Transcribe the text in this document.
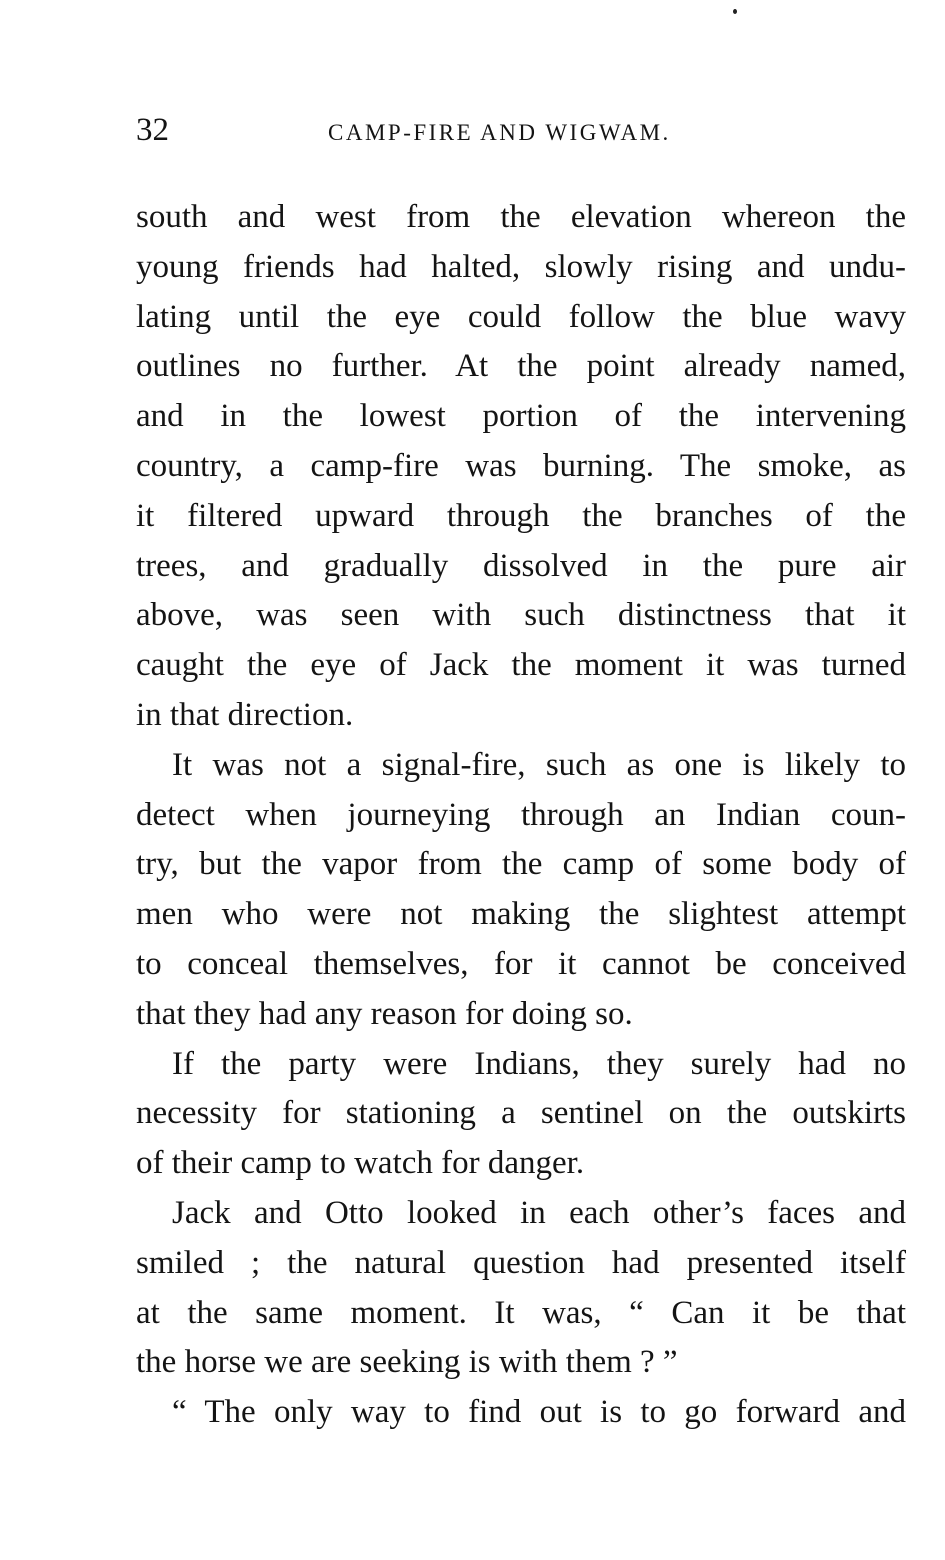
32	CAMP-FIRE AND WIGWAM.
south and west from the elevation whereon the
young friends had halted, slowly rising and undu-
lating until the eye could follow the blue wavy
outlines no further. At the point already named,
and in the lowest portion of the intervening
country, a camp-fire was burning. The smoke, as
it filtered upward through the branches of the
trees, and gradually dissolved in the pure air
above, was seen with such distinctness that it
caught the eye of Jack the moment it was turned
in that direction.
It was not a signal-fire, such as one is likely to
detect when journeying through an Indian coun-
try, but the vapor from the camp of some body of
men who were not making the slightest attempt
to conceal themselves, for it cannot be conceived
that they had any reason for doing so.
If the party were Indians, they surely had no
necessity for stationing a sentinel on the outskirts
of their camp to watch for danger.
Jack and Otto looked in each other’s faces and
smiled ; the natural question had presented itself
at the same moment. It was, “ Can it be that
the horse we are seeking is with them ? ”
“ The only way to find out is to go forward and
